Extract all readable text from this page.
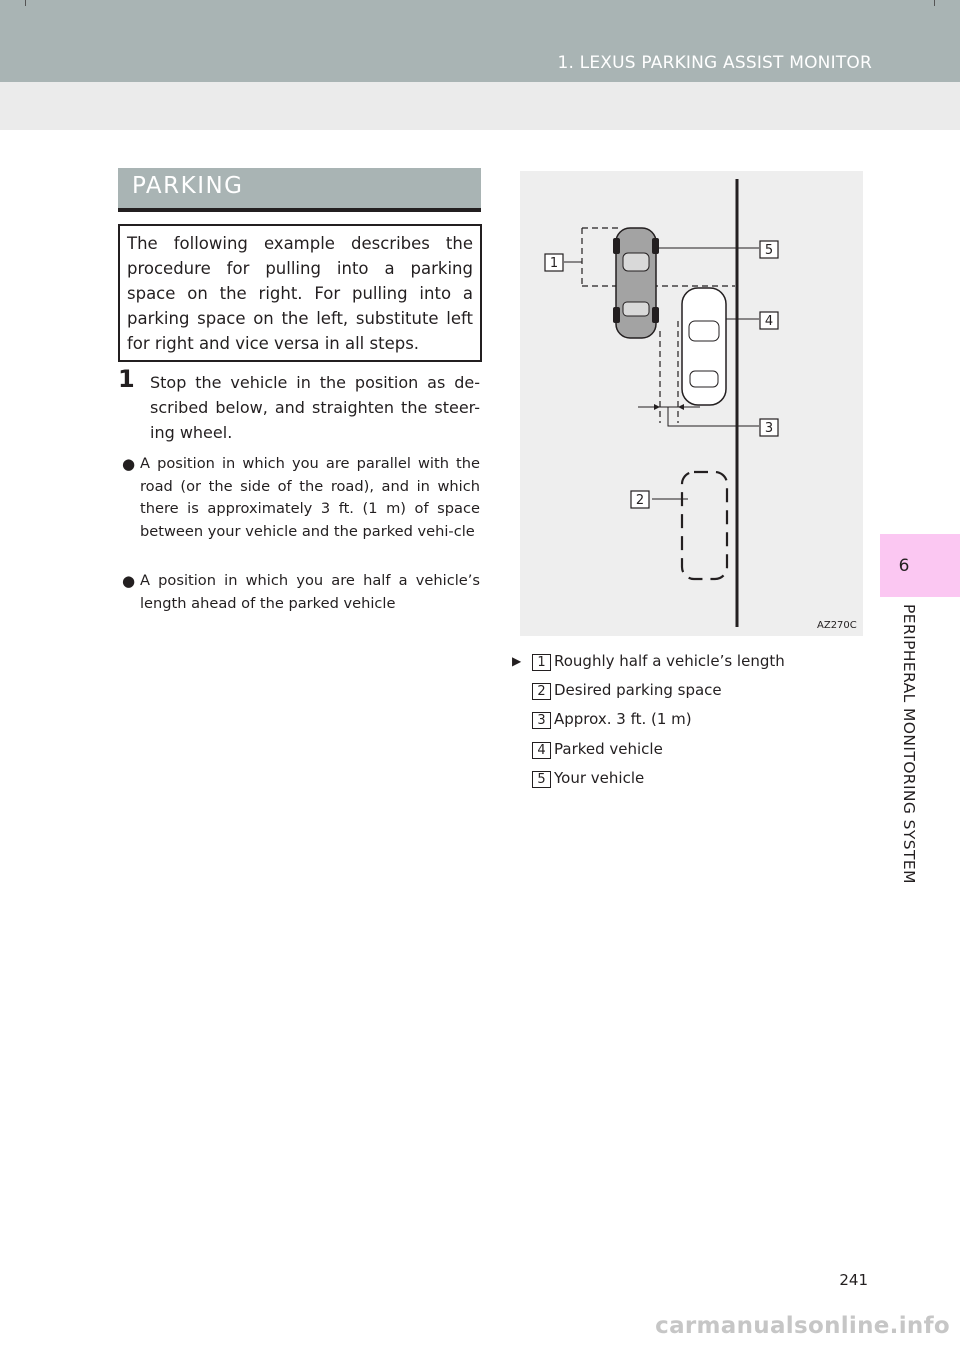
1. LEXUS PARKING ASSIST MONITOR
6
PERIPHERAL MONITORING SYSTEM
PARKING
The following example describes the procedure for pulling into a parking space on the right. For pulling into a parking space on the left, substitute left for right and vice versa in all steps.
1 Stop the vehicle in the position as de-scribed below, and straighten the steer-ing wheel.
● A position in which you are parallel with the road (or the side of the road), and in which there is approximately 3 ft. (1 m) of space between your vehicle and the parked vehi-cle
● A position in which you are half a vehicle’s length ahead of the parked vehicle
1
5
4
3
2
AZ270C
▶	1 Roughly half a vehicle’s length
2 Desired parking space
3 Approx. 3 ft. (1 m)
4 Parked vehicle
5 Your vehicle
241
carmanualsonline.info
